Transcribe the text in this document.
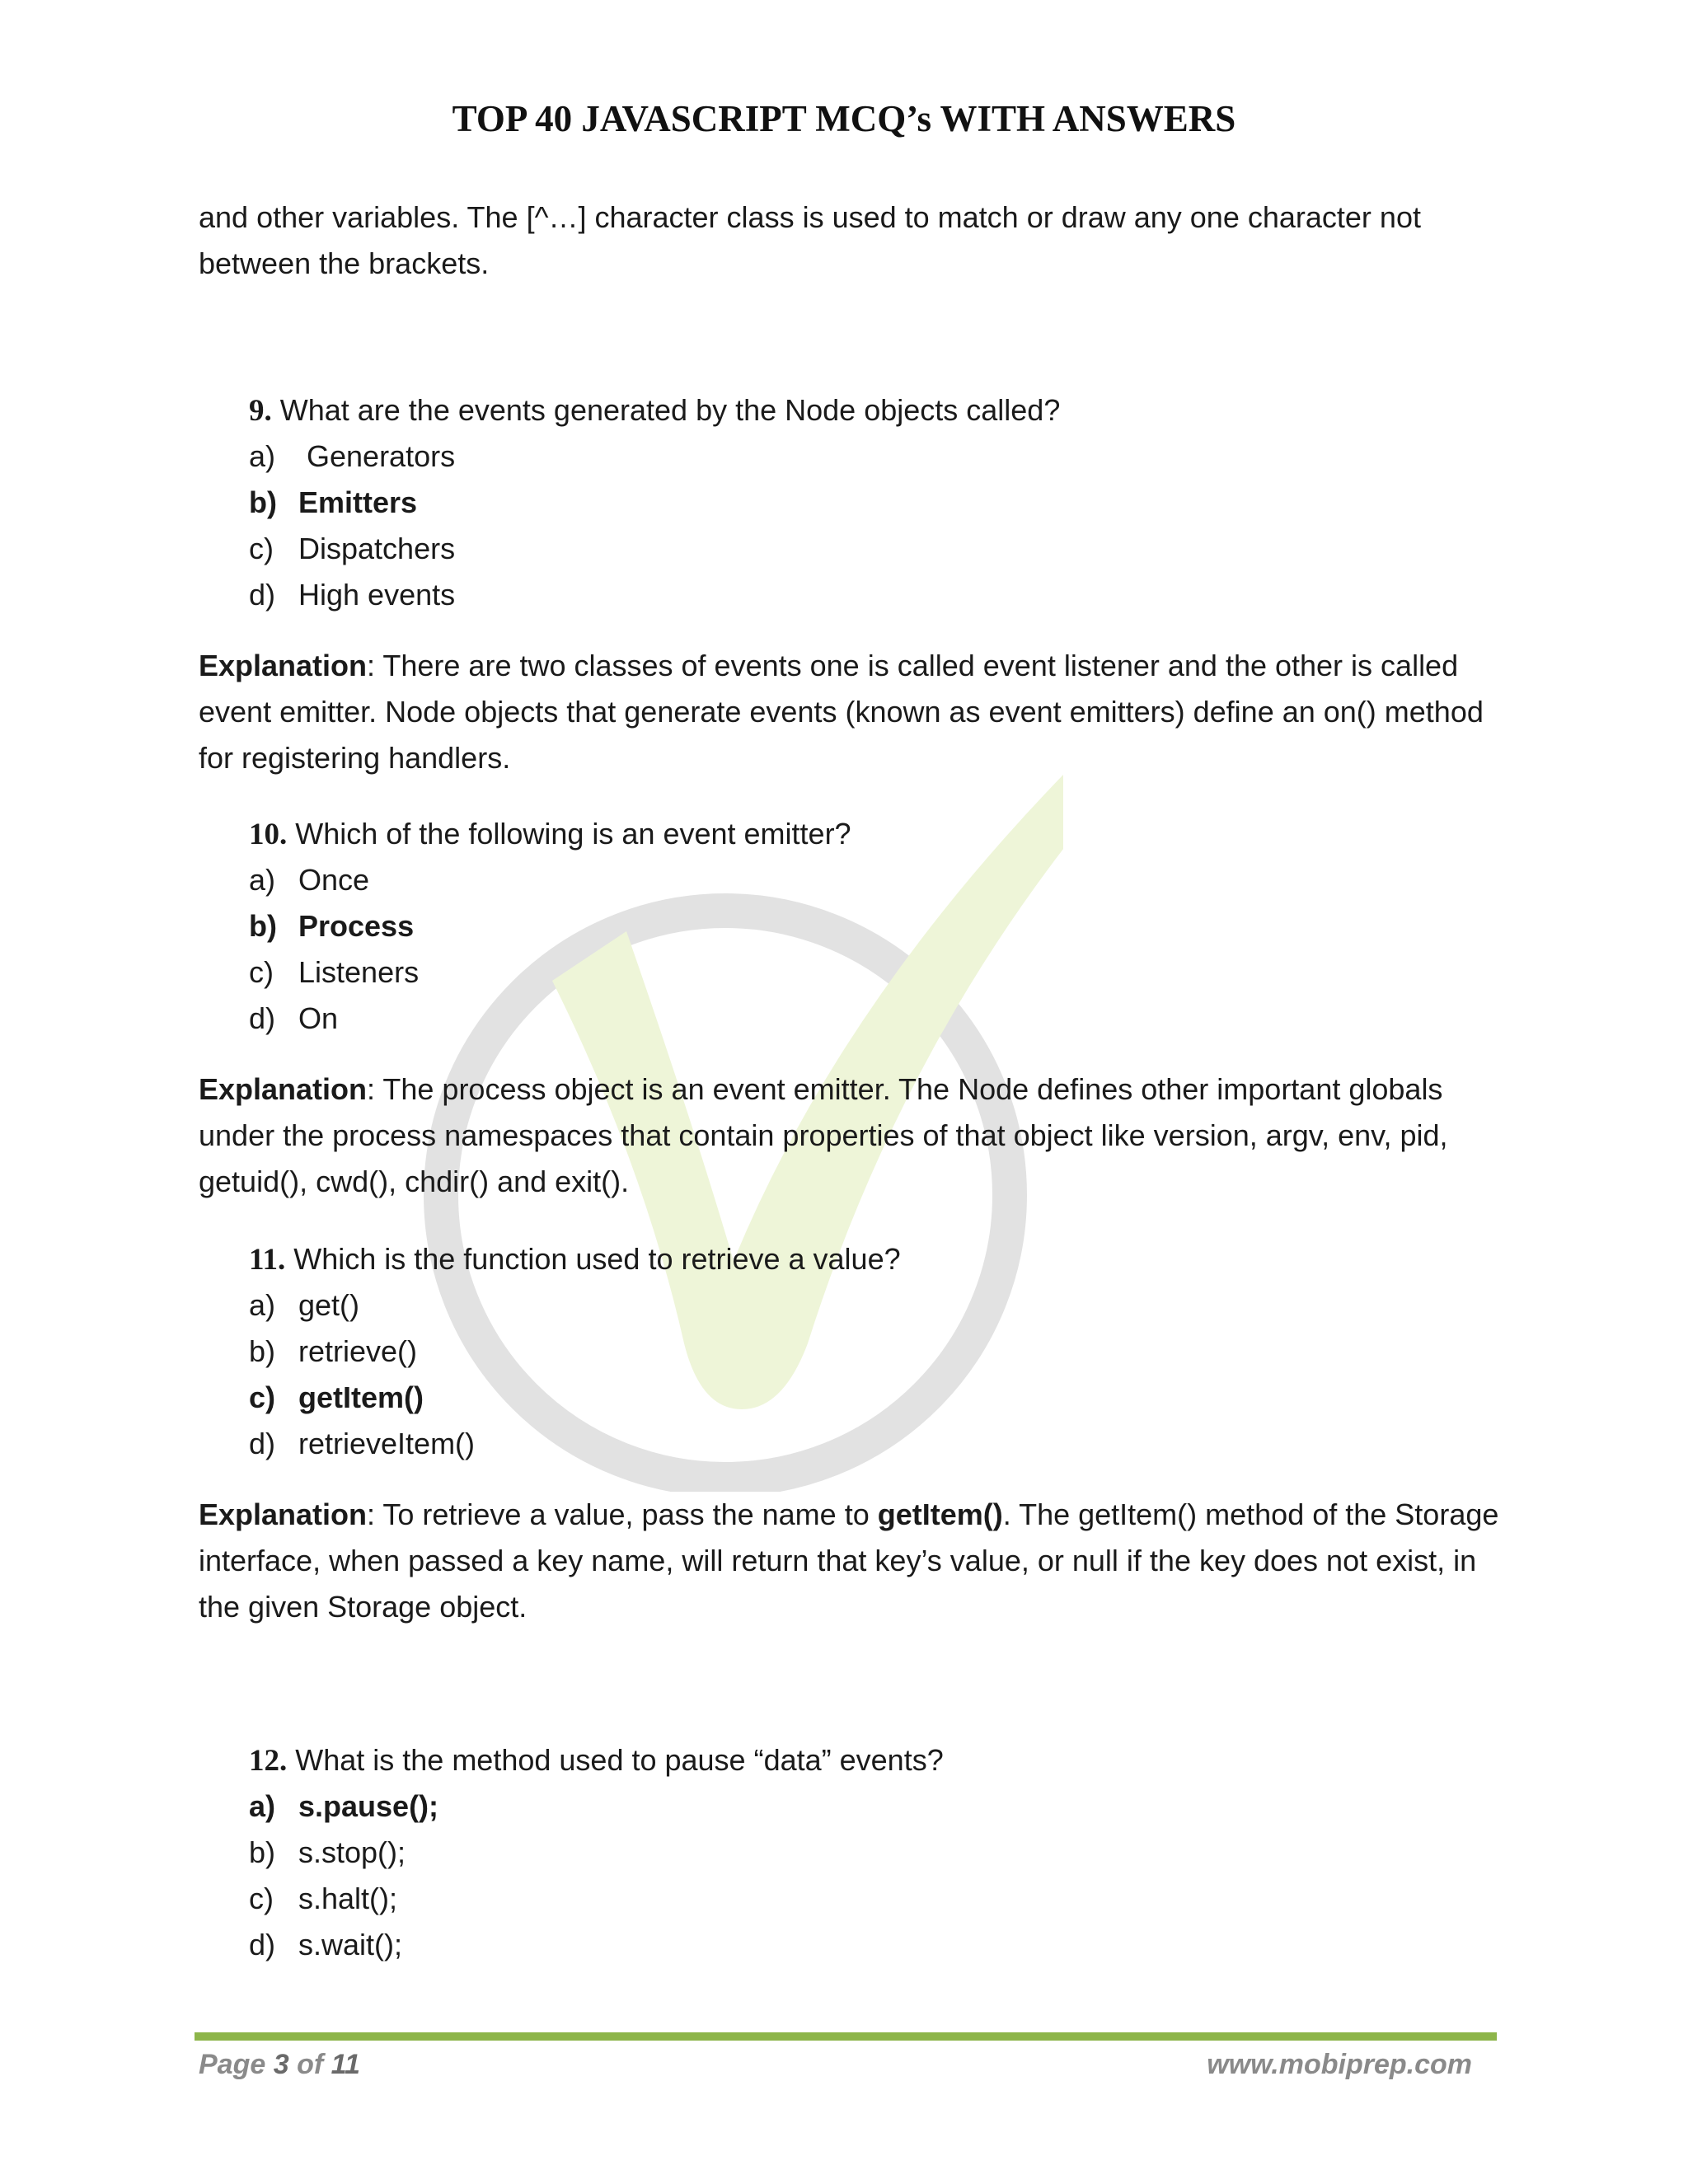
TOP 40 JAVASCRIPT MCQ’s WITH ANSWERS

and other variables. The [^…] character class is used to match or draw any one character not
between the brackets.

9. What are the events generated by the Node objects called?
a) Generators
b) Emitters
c) Dispatchers
d) High events

Explanation: There are two classes of events one is called event listener and the other is called event emitter. Node objects that generate events (known as event emitters) define an on() method for registering handlers.

10. Which of the following is an event emitter?
a) Once
b) Process
c) Listeners
d) On

Explanation: The process object is an event emitter. The Node defines other important globals under the process namespaces that contain properties of that object like version, argv, env, pid, getuid(), cwd(), chdir() and exit().

11. Which is the function used to retrieve a value?
a) get()
b) retrieve()
c) getItem()
d) retrieveItem()

Explanation: To retrieve a value, pass the name to getItem(). The getItem() method of the Storage interface, when passed a key name, will return that key’s value, or null if the key does not exist, in the given Storage object.

12. What is the method used to pause “data” events?
a) s.pause();
b) s.stop();
c) s.halt();
d) s.wait();
Page 3 of 11	www.mobiprep.com
